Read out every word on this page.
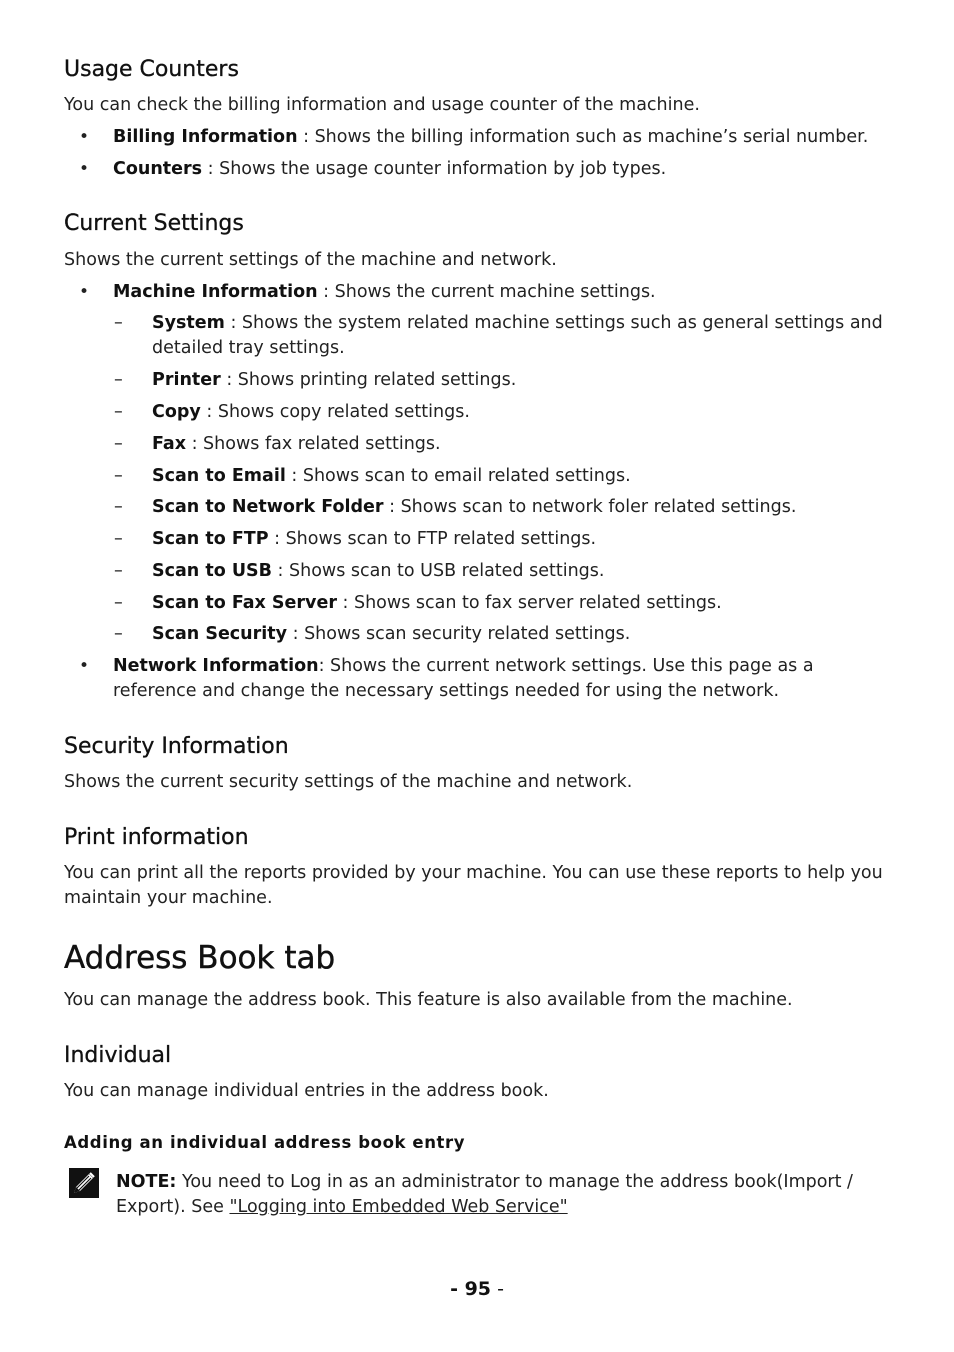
Usage Counters

You can check the billing information and usage counter of the machine.

• Billing Information : Shows the billing information such as machine’s serial number.

• Counters : Shows the usage counter information by job types.

Current Settings

Shows the current settings of the machine and network.

• Machine Information : Shows the current machine settings.

– System : Shows the system related machine settings such as general settings and detailed tray settings.

– Printer : Shows printing related settings.

– Copy : Shows copy related settings.

– Fax : Shows fax related settings.

– Scan to Email : Shows scan to email related settings.

– Scan to Network Folder : Shows scan to network foler related settings.

– Scan to FTP : Shows scan to FTP related settings.

– Scan to USB : Shows scan to USB related settings.

– Scan to Fax Server : Shows scan to fax server related settings.

– Scan Security : Shows scan security related settings.

• Network Information: Shows the current network settings. Use this page as a reference and change the necessary settings needed for using the network.

Security Information

Shows the current security settings of the machine and network.

Print information

You can print all the reports provided by your machine. You can use these reports to help you maintain your machine.

Address Book tab

You can manage the address book. This feature is also available from the machine.

Individual

You can manage individual entries in the address book.

Adding an individual address book entry

NOTE: You need to Log in as an administrator to manage the address book(Import / Export). See "Logging into Embedded Web Service"

- 95 -
